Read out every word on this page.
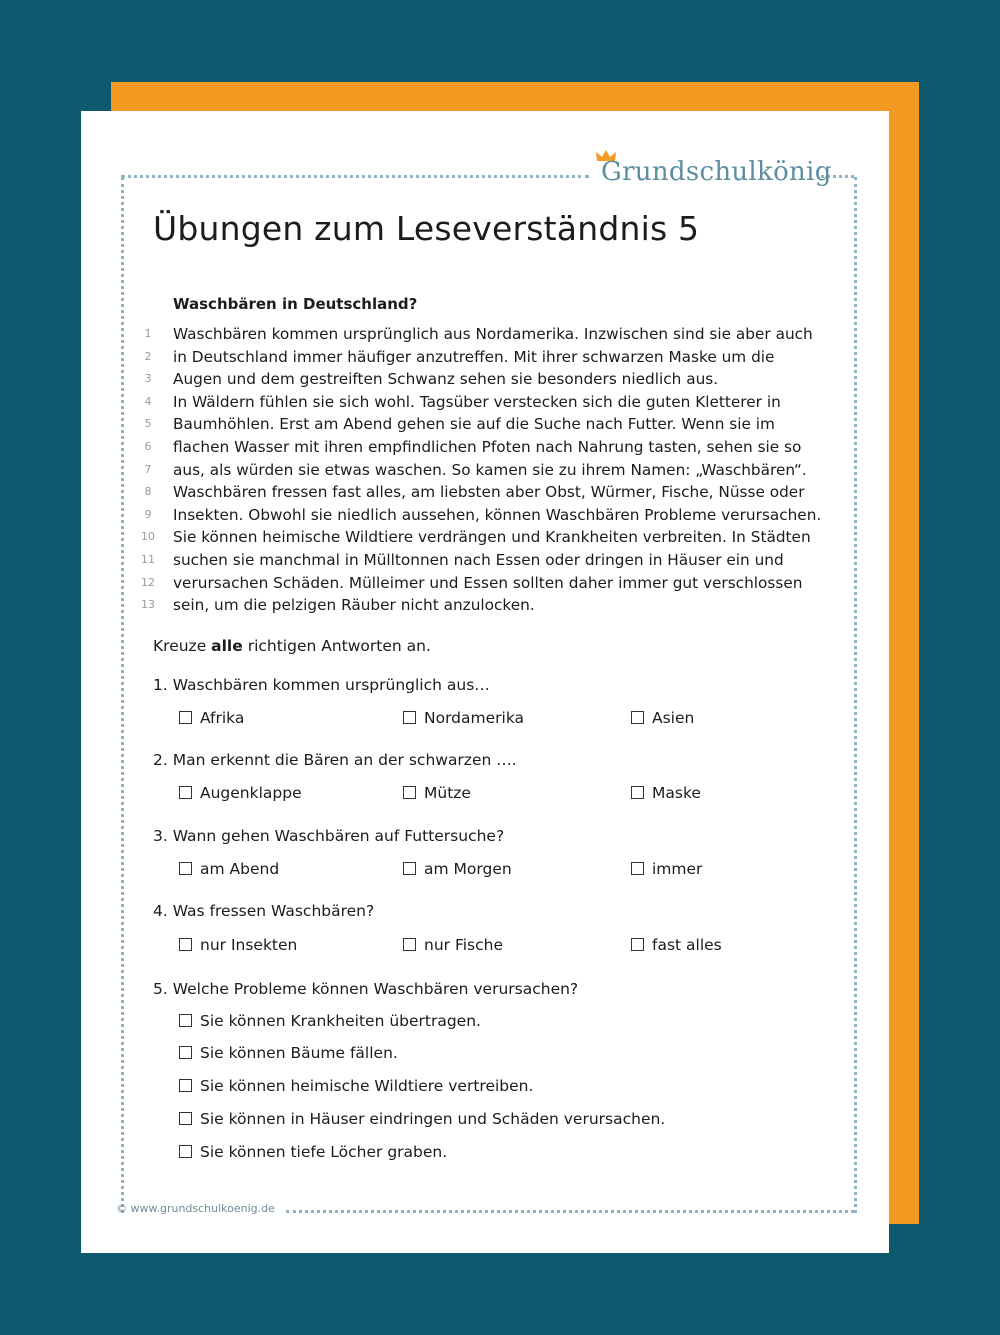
Grundschulkönig
Übungen zum Leseverständnis 5
Waschbären in Deutschland?
1	Waschbären kommen ursprünglich aus Nordamerika. Inzwischen sind sie aber auch
2	in Deutschland immer häufiger anzutreffen. Mit ihrer schwarzen Maske um die
3	Augen und dem gestreiften Schwanz sehen sie besonders niedlich aus.
4	In Wäldern fühlen sie sich wohl. Tagsüber verstecken sich die guten Kletterer in
5	Baumhöhlen. Erst am Abend gehen sie auf die Suche nach Futter. Wenn sie im
6	flachen Wasser mit ihren empfindlichen Pfoten nach Nahrung tasten, sehen sie so
7	aus, als würden sie etwas waschen. So kamen sie zu ihrem Namen: „Waschbären“.
8	Waschbären fressen fast alles, am liebsten aber Obst, Würmer, Fische, Nüsse oder
9	Insekten. Obwohl sie niedlich aussehen, können Waschbären Probleme verursachen.
10 Sie können heimische Wildtiere verdrängen und Krankheiten verbreiten. In Städten
11 suchen sie manchmal in Mülltonnen nach Essen oder dringen in Häuser ein und
12 verursachen Schäden. Mülleimer und Essen sollten daher immer gut verschlossen
13 sein, um die pelzigen Räuber nicht anzulocken.
Kreuze alle richtigen Antworten an.
1. Waschbären kommen ursprünglich aus…
Afrika	Nordamerika	Asien
2. Man erkennt die Bären an der schwarzen ….
Augenklappe	Mütze	Maske
3. Wann gehen Waschbären auf Futtersuche?
am Abend	am Morgen	immer
4. Was fressen Waschbären?
nur Insekten	nur Fische	fast alles
5. Welche Probleme können Waschbären verursachen?
Sie können Krankheiten übertragen.
Sie können Bäume fällen.
Sie können heimische Wildtiere vertreiben.
Sie können in Häuser eindringen und Schäden verursachen.
Sie können tiefe Löcher graben.
© www.grundschulkoenig.de
